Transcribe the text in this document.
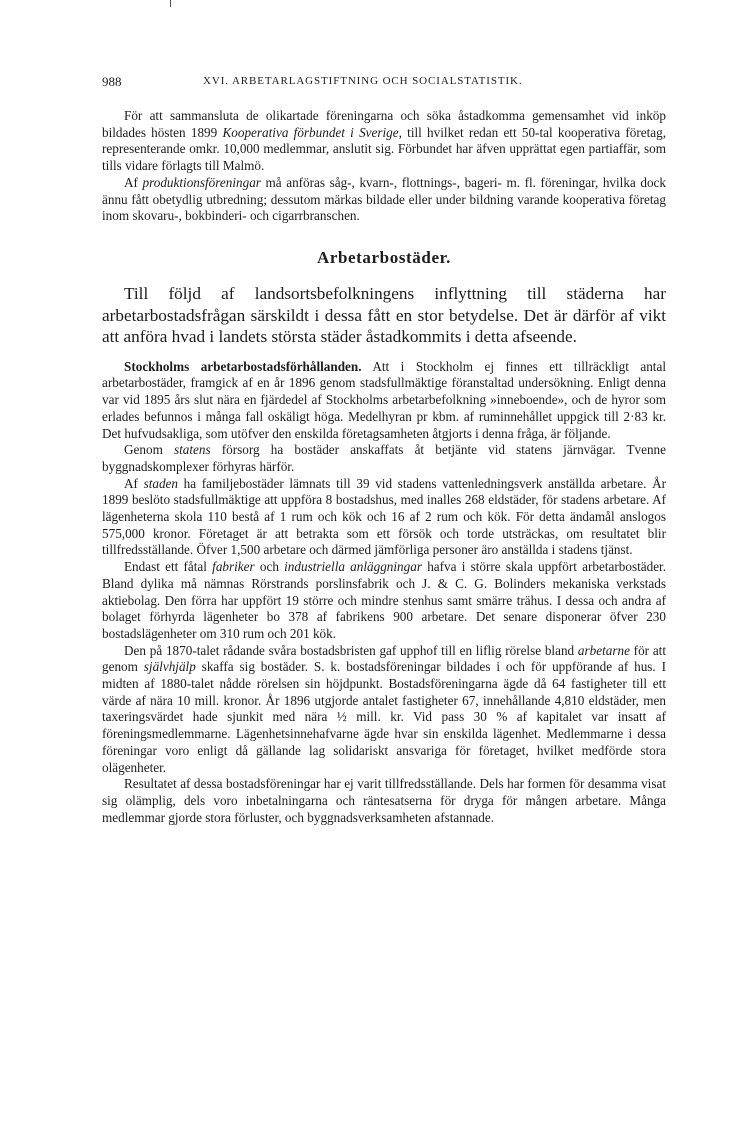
988	XVI. ARBETARLAGSTIFTNING OCH SOCIALSTATISTIK.

För att sammansluta de olikartade föreningarna och söka åstadkomma gemensamhet vid inköp bildades hösten 1899 Kooperativa förbundet i Sverige, till hvilket redan ett 50-tal kooperativa företag, representerande omkr. 10,000 medlemmar, anslutit sig. Förbundet har äfven upprättat egen partiaffär, som tills vidare förlagts till Malmö.

Af produktionsföreningar må anföras såg-, kvarn-, flottnings-, bageri- m. fl. föreningar, hvilka dock ännu fått obetydlig utbredning; dessutom märkas bildade eller under bildning varande kooperativa företag inom skovaru-, bokbinderi- och cigarrbranschen.

Arbetarbostäder.

Till följd af landsortsbefolkningens inflyttning till städerna har arbetarbostadsfrågan särskildt i dessa fått en stor betydelse. Det är därför af vikt att anföra hvad i landets största städer åstadkommits i detta afseende.

Stockholms arbetarbostadsförhållanden. Att i Stockholm ej finnes ett tillräckligt antal arbetarbostäder, framgick af en år 1896 genom stadsfullmäktige föranstaltad undersökning. Enligt denna var vid 1895 års slut nära en fjärdedel af Stockholms arbetarbefolkning »inneboende», och de hyror som erlades befunnos i många fall oskäligt höga. Medelhyran pr kbm. af ruminnehållet uppgick till 2·83 kr. Det hufvudsakliga, som utöfver den enskilda företagsamheten åtgjorts i denna fråga, är följande.

Genom statens försorg ha bostäder anskaffats åt betjänte vid statens järnvägar. Tvenne byggnadskomplexer förhyras härför.

Af staden ha familjebostäder lämnats till 39 vid stadens vattenledningsverk anställda arbetare. År 1899 beslöto stadsfullmäktige att uppföra 8 bostadshus, med inalles 268 eldstäder, för stadens arbetare. Af lägenheterna skola 110 bestå af 1 rum och kök och 16 af 2 rum och kök. För detta ändamål anslogos 575,000 kronor. Företaget är att betrakta som ett försök och torde utsträckas, om resultatet blir tillfredsställande. Öfver 1,500 arbetare och därmed jämförliga personer äro anställda i stadens tjänst.

Endast ett fåtal fabriker och industriella anläggningar hafva i större skala uppfört arbetarbostäder. Bland dylika må nämnas Rörstrands porslinsfabrik och J. & C. G. Bolinders mekaniska verkstads aktiebolag. Den förra har uppfört 19 större och mindre stenhus samt smärre trähus. I dessa och andra af bolaget förhyrda lägenheter bo 378 af fabrikens 900 arbetare. Det senare disponerar öfver 230 bostadslägenheter om 310 rum och 201 kök.

Den på 1870-talet rådande svåra bostadsbristen gaf upphof till en liflig rörelse bland arbetarne för att genom självhjälp skaffa sig bostäder. S. k. bostadsföreningar bildades i och för uppförande af hus. I midten af 1880-talet nådde rörelsen sin höjdpunkt. Bostadsföreningarna ägde då 64 fastigheter till ett värde af nära 10 mill. kronor. År 1896 utgjorde antalet fastigheter 67, innehållande 4,810 eldstäder, men taxeringsvärdet hade sjunkit med nära ½ mill. kr. Vid pass 30 % af kapitalet var insatt af föreningsmedlemmarne. Lägenhetsinnehafvarne ägde hvar sin enskilda lägenhet. Medlemmarne i dessa föreningar voro enligt då gällande lag solidariskt ansvariga för företaget, hvilket medförde stora olägenheter.

Resultatet af dessa bostadsföreningar har ej varit tillfredsställande. Dels har formen för desamma visat sig olämplig, dels voro inbetalningarna och räntesatserna för dryga för mången arbetare. Många medlemmar gjorde stora förluster, och byggnadsverksamheten afstannade.
